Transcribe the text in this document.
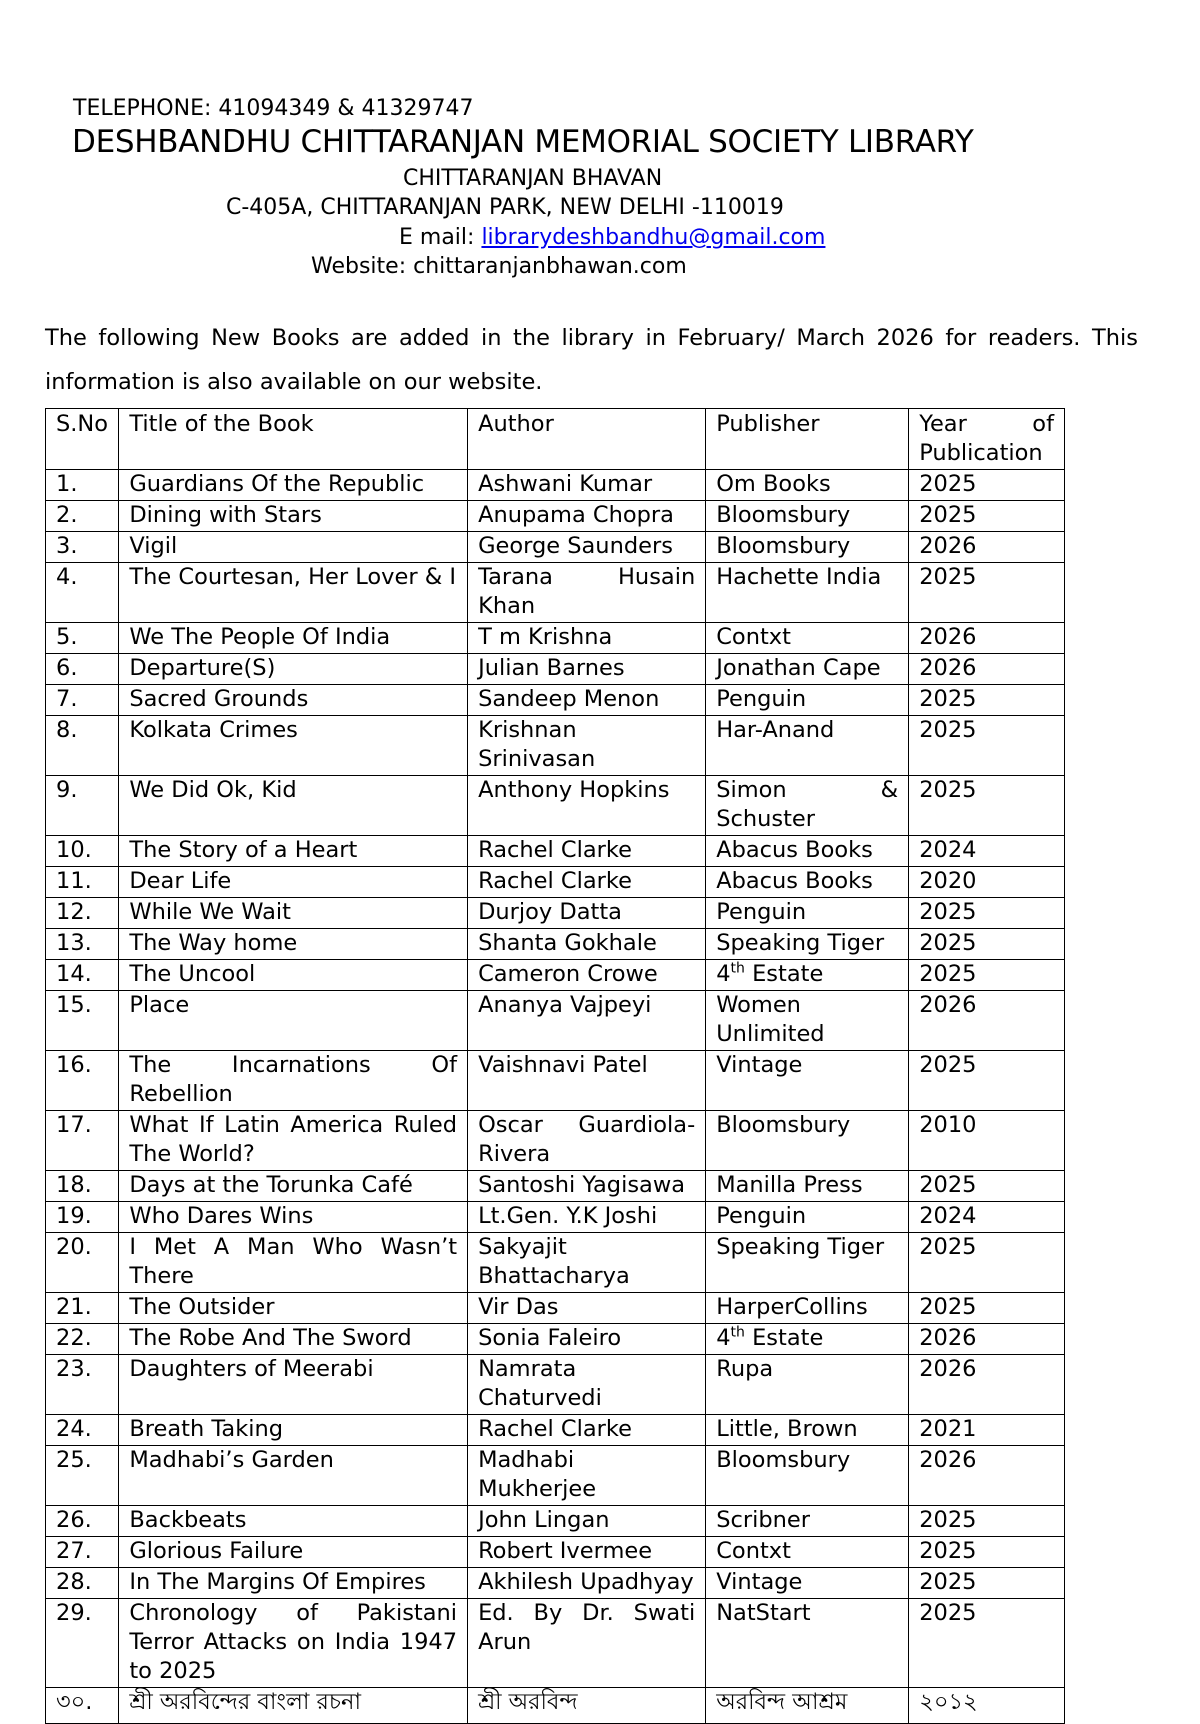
TELEPHONE: 41094349 & 41329747
DESHBANDHU CHITTARANJAN MEMORIAL SOCIETY LIBRARY
CHITTARANJAN BHAVAN
C-405A, CHITTARANJAN PARK, NEW DELHI -110019
E mail: librarydeshbandhu@gmail.com
Website: chittaranjanbhawan.com
The following New Books are added in the library in February/ March 2026 for readers. This information is also available on our website.
S.No	Title of the Book	Author	Publisher	Year of Publication

1.	Guardians Of the Republic	Ashwani Kumar	Om Books	2025
2.	Dining with Stars	Anupama Chopra	Bloomsbury	2025
3.	Vigil	George Saunders	Bloomsbury	2026
4.	The Courtesan, Her Lover & I	Tarana Husain Khan	Hachette India	2025
5.	We The People Of India	T m Krishna	Contxt	2026
6.	Departure(S)	Julian Barnes	Jonathan Cape	2026
7.	Sacred Grounds	Sandeep Menon	Penguin	2025
8.	Kolkata Crimes	Krishnan Srinivasan	Har-Anand	2025
9.	We Did Ok, Kid	Anthony Hopkins	Simon & Schuster	2025
10.	The Story of a Heart	Rachel Clarke	Abacus Books	2024
11.	Dear Life	Rachel Clarke	Abacus Books	2020
12.	While We Wait	Durjoy Datta	Penguin	2025
13.	The Way home	Shanta Gokhale	Speaking Tiger	2025
14.	The Uncool	Cameron Crowe	4th Estate	2025
15.	Place	Ananya Vajpeyi	Women Unlimited	2026
16.	The Incarnations Of Rebellion	Vaishnavi Patel	Vintage	2025
17.	What If Latin America Ruled The World?	Oscar Guardiola-Rivera	Bloomsbury	2010
18.	Days at the Torunka Café	Santoshi Yagisawa	Manilla Press	2025
19.	Who Dares Wins	Lt.Gen. Y.K Joshi	Penguin	2024
20.	I Met A Man Who Wasn’t There	Sakyajit Bhattacharya	Speaking Tiger	2025
21.	The Outsider	Vir Das	HarperCollins	2025
22.	The Robe And The Sword	Sonia Faleiro	4th Estate	2026
23.	Daughters of Meerabi	Namrata Chaturvedi	Rupa	2026
24.	Breath Taking	Rachel Clarke	Little, Brown	2021
25.	Madhabi’s Garden	Madhabi Mukherjee	Bloomsbury	2026
26.	Backbeats	John Lingan	Scribner	2025
27.	Glorious Failure	Robert Ivermee	Contxt	2025
28.	In The Margins Of Empires	Akhilesh Upadhyay	Vintage	2025
29.	Chronology of Pakistani Terror Attacks on India 1947 to 2025	Ed. By Dr. Swati Arun	NatStart	2025
৩০.	শ্রী অরবিন্দের বাংলা রচনা	শ্রী অরবিন্দ	অরবিন্দ আশ্রম	২০১২
